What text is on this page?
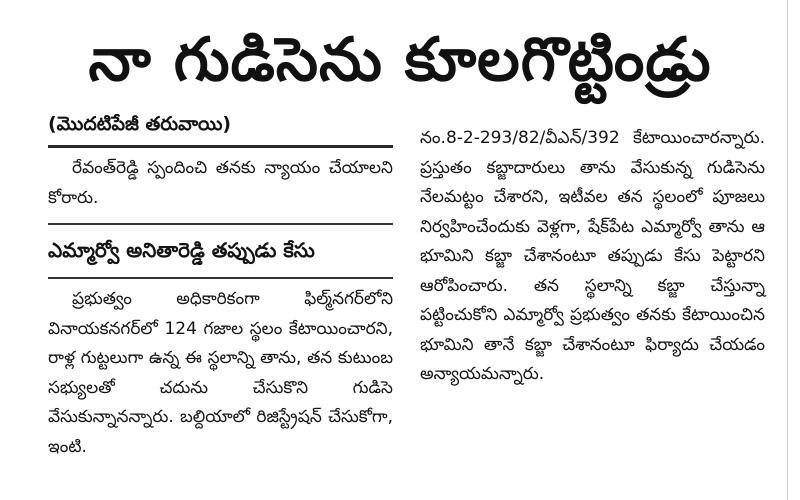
నా గుడిసెను కూలగొట్టిండ్రు
(మొదటిపేజీ తరువాయి)

రేవంత్‌రెడ్డి స్పందించి తనకు న్యాయం చేయాలని కోరారు.

ఎమ్మార్వో అనితారెడ్డి తప్పుడు కేసు

ప్రభుత్వం అధికారికంగా ఫిల్మ్‌నగర్‌లోని వినాయకనగర్‌లో 124 గజాల స్థలం కేటాయించారని, రాళ్ల గుట్టలుగా ఉన్న ఈ స్థలాన్ని తాను, తన కుటుంబ సభ్యులతో చదును చేసుకొని గుడిసె వేసుకున్నానన్నారు. బల్దియాలో రిజిస్ట్రేషన్ చేసుకోగా, ఇంటి.

నం.8-2-293/82/వీఎన్/392 కేటాయించారన్నారు. ప్రస్తుతం కబ్జాదారులు తాను వేసుకున్న గుడిసెను నేలమట్టం చేశారని, ఇటీవల తన స్థలంలో పూజలు నిర్వహించేందుకు వెళ్లగా, షేక్‌పేట ఎమ్మార్వో తాను ఆ భూమిని కబ్జా చేశానంటూ తప్పుడు కేసు పెట్టారని ఆరోపించారు. తన స్థలాన్ని కబ్జా చేస్తున్నా పట్టించుకోని ఎమ్మార్వో ప్రభుత్వం తనకు కేటాయించిన భూమిని తానే కబ్జా చేశానంటూ ఫిర్యాదు చేయడం అన్యాయమన్నారు.
